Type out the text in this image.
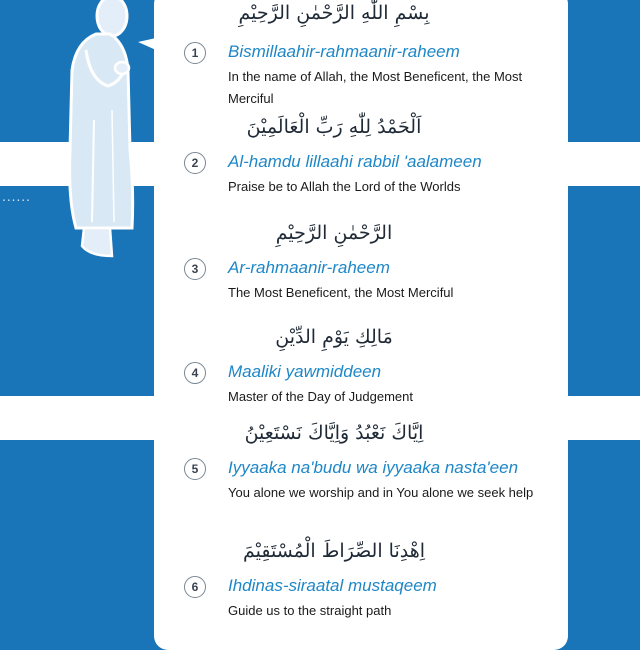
......
بِسْمِ اللّٰهِ الرَّحْمٰنِ الرَّحِيْمِ
1	Bismillaahir-rahmaanir-raheem
In the name of Allah, the Most Beneficent, the Most Merciful
اَلْحَمْدُ لِلّٰهِ رَبِّ الْعَالَمِيْنَ
2	Al-hamdu lillaahi rabbil 'aalameen
Praise be to Allah the Lord of the Worlds
الرَّحْمٰنِ الرَّحِيْمِ
3	Ar-rahmaanir-raheem
The Most Beneficent, the Most Merciful
مَالِكِ يَوْمِ الدِّيْنِ
4	Maaliki yawmiddeen
Master of the Day of Judgement
اِيَّاكَ نَعْبُدُ وَاِيَّاكَ نَسْتَعِيْنُ
5	Iyyaaka na'budu wa iyyaaka nasta'een
You alone we worship and in You alone we seek help
اِهْدِنَا الصِّرَاطَ الْمُسْتَقِيْمَ
6	Ihdinas-siraatal mustaqeem
Guide us to the straight path
